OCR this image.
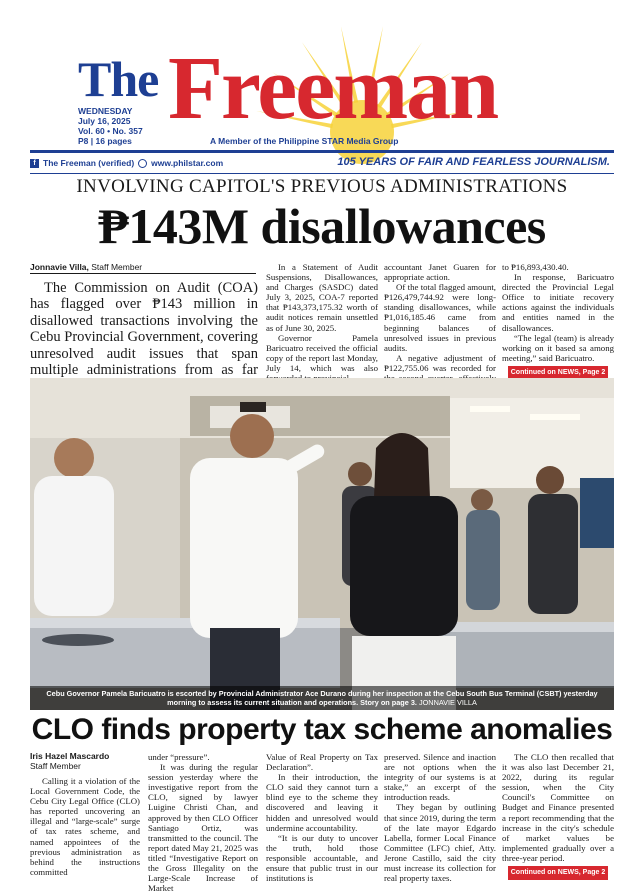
The Freeman
WEDNESDAY
July 16, 2025
Vol. 60 • No. 357
P8 | 16 pages	A Member of the Philippine STAR Media Group
f The Freeman (verified) www.philstar.com	105 YEARS OF FAIR AND FEARLESS JOURNALISM.
INVOLVING CAPITOL'S PREVIOUS ADMINISTRATIONS
₱143M disallowances
Jonnavie Villa, Staff Member
The Commission on Audit (COA) has flagged over ₱143 million in disallowed transactions involving the Cebu Provincial Government, covering unresolved audit issues that span multiple administrations from as far

In a Statement of Audit Suspensions, Disallowances, and Charges (SASDC) dated July 3, 2025, COA-7 reported that ₱143,373,175.32 worth of audit notices remain unsettled as of June 30, 2025.

Governor Pamela Baricuatro received the official copy of the report last Monday, July 14, which was also

accountant Janet Guaren for appropriate action.

Of the total flagged amount, ₱126,479,744.92 were long-standing disallowances, while ₱1,016,185.46 came from beginning balances of unresolved issues in previous audits.

A negative adjustment of ₱122,755.06 was recorded for

to ₱16,893,430.40.

In response, Baricuatro directed the Provincial Legal Office to initiate recovery actions against the individuals and entities named in the disallowances.

“The legal (team) is already working on it based sa among meeting,” said Baricuatro.

Continued on NEWS, Page 2
Cebu Governor Pamela Baricuatro is escorted by Provincial Administrator Ace Durano during her inspection at the Cebu South Bus Terminal (CSBT) yesterday morning to assess its current situation and operations. Story on page 3. JONNAVIE VILLA
CLO finds property tax scheme anomalies
Iris Hazel Mascardo
Staff Member

Calling it a violation of the Local Government Code, the Cebu City Legal Office (CLO) has reported uncovering an illegal and “large-scale” surge of tax rates scheme, and named appointees of the previous administration as behind the instructions committed

under “pressure”.

It was during the regular session yesterday where the investigative report from the CLO, signed by lawyer Luigine Christi Chan, and approved by then CLO Officer Santiago Ortiz, was transmitted to the council. The report dated May 21, 2025 was titled “Investigative Report on the Gross Illegality on the Large-Scale Increase of Market

Value of Real Property on Tax Declaration”.

In their introduction, the CLO said they cannot turn a blind eye to the scheme they discovered and leaving it hidden and unresolved would undermine accountability.

“It is our duty to uncover the truth, hold those responsible accountable, and ensure that public trust in our institutions is

preserved. Silence and inaction are not options when the integrity of our systems is at stake,” an excerpt of the introduction reads.

They began by outlining that since 2019, during the term of the late mayor Edgardo Labella, former Local Finance Committee (LFC) chief, Atty. Jerone Castillo, said the city must increase its collection for real property taxes.

The CLO then recalled that it was also last December 21, 2022, during its regular session, when the City Council's Committee on Budget and Finance presented a report recommending that the increase in the city's schedule of market values be implemented gradually over a three-year period.

Continued on NEWS, Page 2
